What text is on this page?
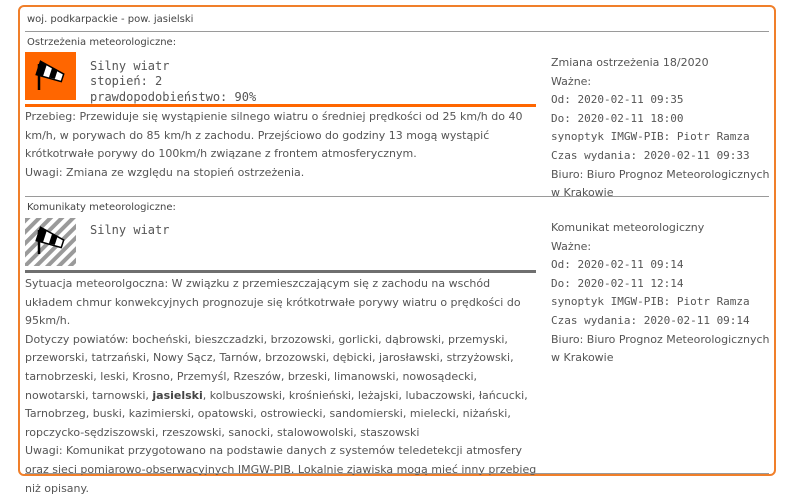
woj. podkarpackie - pow. jasielski
Ostrzeżenia meteorologiczne:
Silny wiatr
stopień: 2
prawdopodobieństwo: 90%
Przebieg: Przewiduje się wystąpienie silnego wiatru o średniej prędkości od 25 km/h do 40 km/h, w porywach do 85 km/h z zachodu. Przejściowo do godziny 13 mogą wystąpić krótkotrwałe porywy do 100km/h związane z frontem atmosferycznym.
Uwagi: Zmiana ze względu na stopień ostrzeżenia.
Zmiana ostrzeżenia 18/2020
Ważne:
Od: 2020-02-11 09:35
Do: 2020-02-11 18:00
synoptyk IMGW-PIB: Piotr Ramza
Czas wydania: 2020-02-11 09:33
Biuro: Biuro Prognoz Meteorologicznych w Krakowie
Komunikaty meteorologiczne:
Silny wiatr
Sytuacja meteorolgoczna: W związku z przemieszczającym się z zachodu na wschód układem chmur konwekcyjnych prognozuje się krótkotrwałe porywy wiatru o prędkości do 95km/h.
Dotyczy powiatów: bocheński, bieszczadzki, brzozowski, gorlicki, dąbrowski, przemyski, przeworski, tatrzański, Nowy Sącz, Tarnów, brzozowski, dębicki, jarosławski, strzyżowski, tarnobrzeski, leski, Krosno, Przemyśl, Rzeszów, brzeski, limanowski, nowosądecki, nowotarski, tarnowski, jasielski, kolbuszowski, krośnieński, leżajski, lubaczowski, łańcucki, Tarnobrzeg, buski, kazimierski, opatowski, ostrowiecki, sandomierski, mielecki, niżański, ropczycko-sędziszowski, rzeszowski, sanocki, stalowowolski, staszowski
Uwagi: Komunikat przygotowano na podstawie danych z systemów teledetekcji atmosfery oraz sieci pomiarowo-obserwacyjnych IMGW-PIB. Lokalnie zjawiska mogą mieć inny przebieg niż opisany.
Komunikat meteorologiczny
Ważne:
Od: 2020-02-11 09:14
Do: 2020-02-11 12:14
synoptyk IMGW-PIB: Piotr Ramza
Czas wydania: 2020-02-11 09:14
Biuro: Biuro Prognoz Meteorologicznych w Krakowie
